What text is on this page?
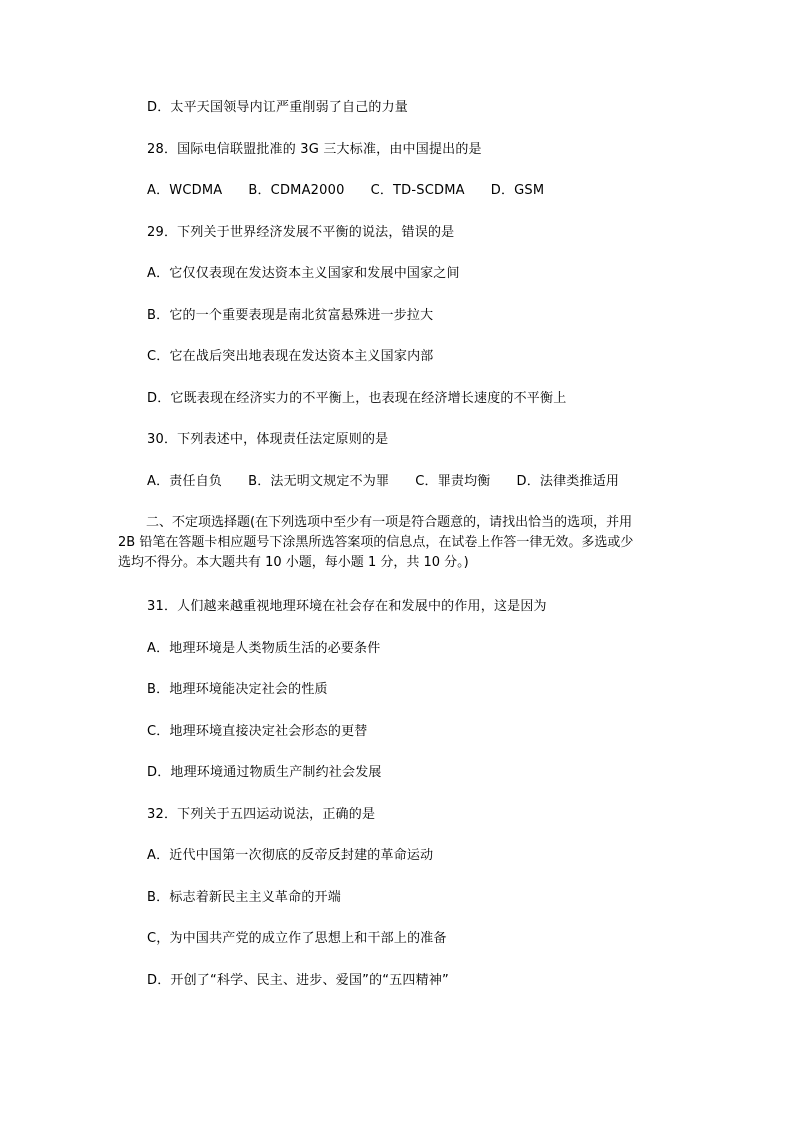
D．太平天国领导内讧严重削弱了自己的力量
28．国际电信联盟批准的 3G 三大标准，由中国提出的是
A．WCDMA B．CDMA2000 C．TD-SCDMA D．GSM
29．下列关于世界经济发展不平衡的说法，错误的是
A．它仅仅表现在发达资本主义国家和发展中国家之间
B．它的一个重要表现是南北贫富悬殊进一步拉大
C．它在战后突出地表现在发达资本主义国家内部
D．它既表现在经济实力的不平衡上，也表现在经济增长速度的不平衡上
30．下列表述中，体现责任法定原则的是
A．责任自负 B．法无明文规定不为罪 C．罪责均衡 D．法律类推适用
二、不定项选择题(在下列选项中至少有一项是符合题意的，请找出恰当的选项，并用
2B 铅笔在答题卡相应题号下涂黑所选答案项的信息点，在试卷上作答一律无效。多选或少
选均不得分。本大题共有 10 小题，每小题 1 分，共 10 分。)
31．人们越来越重视地理环境在社会存在和发展中的作用，这是因为
A．地理环境是人类物质生活的必要条件
B．地理环境能决定社会的性质
C．地理环境直接决定社会形态的更替
D．地理环境通过物质生产制约社会发展
32．下列关于五四运动说法，正确的是
A．近代中国第一次彻底的反帝反封建的革命运动
B．标志着新民主主义革命的开端
C，为中国共产党的成立作了思想上和干部上的准备
D．开创了“科学、民主、进步、爱国”的“五四精神”
